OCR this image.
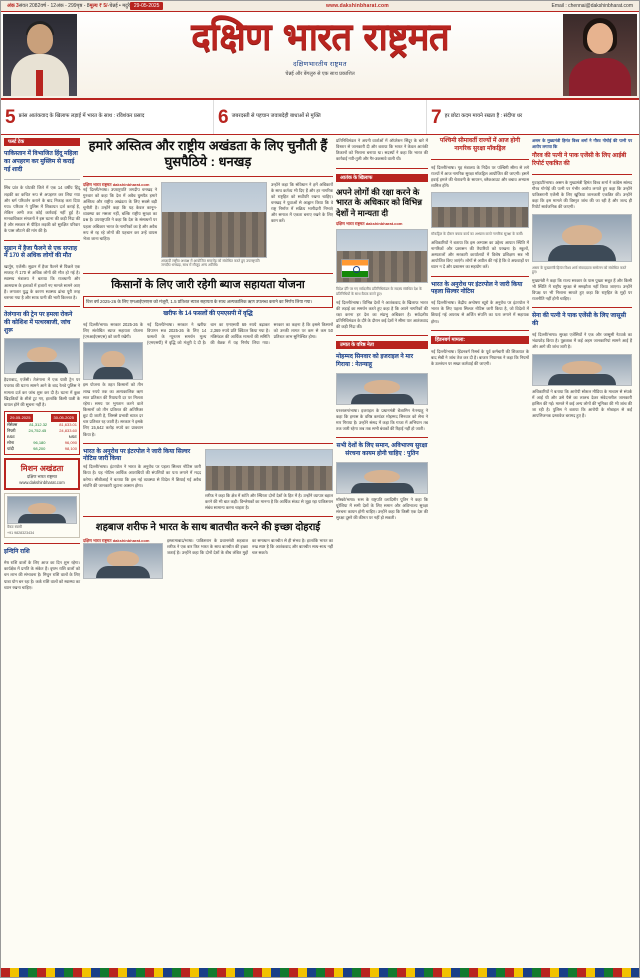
अंक 3 संवत 2082 वर्ष - 12 अंक - 299 पृष्ठ - 8 मूल्य ₹ 5/- चेन्नई • मदुरै 29-05-2025	www.dakshinbharat.com	Email : chennai@dakshinbharat.com
दक्षिण भारत राष्ट्रमत
दक्षिणभारतीय राष्ट्रमत
चेन्नई और बेंगलुरु से एक साथ प्रकाशित
5 फ्रांस आतंकवाद के खिलाफ लड़ाई में भारत के साथ : रविशंकर प्रसाद	6 जबरदस्ती से पहचान जवाबदेही बाधाओं से मुक्ति	7 हर छोटा कदम मायने रखता है : संदीपा धर
फर्स्ट टेक
पाकिस्तान में विभाजित हिंदू महिला का अपहरण कर मुस्लिम से कराई गई शादी
सिंध प्रांत के घोटकी जिले में एक 14 वर्षीय हिंदू लड़की का कथित रूप से अपहरण कर लिया गया और धर्म परिवर्तन कराने के बाद निकाह करा दिया गया। परिवार ने पुलिस में शिकायत दर्ज कराई है, लेकिन अभी तक कोई कार्रवाई नहीं हुई है। मानवाधिकार संगठनों ने इस घटना की कड़ी निंदा की है और सरकार से पीड़ित लड़की को सुरक्षित परिवार के पास लौटाने की मांग की है।
सूडान में हैजा फैलने से एक सप्ताह में 170 से अधिक लोगों की मौत
खार्तूम, एजेंसी। सूडान में हैजा फैलने से पिछले एक सप्ताह में 170 से अधिक लोगों की मौत हो गई है। स्वास्थ्य मंत्रालय ने बताया कि राजधानी और आसपास के इलाकों में हजारों नए मामले सामने आए हैं। लगातार युद्ध के कारण स्वास्थ्य ढांचा पूरी तरह चरमरा गया है और साफ पानी की भारी किल्लत है।
तेलंगाना की ट्रेन पर हमला रोकने की कोशिश में पत्थरबाजी, जांच शुरू
हैदराबाद, एजेंसी। तेलंगाना में एक यात्री ट्रेन पर पथराव की घटना सामने आने के बाद रेलवे पुलिस ने मामला दर्ज कर जांच शुरू कर दी है। घटना में कुछ खिड़कियों के शीशे टूट गए, हालांकि किसी यात्री के घायल होने की सूचना नहीं है।
29-05-2025	30-05-2025
सेंसेक्स	81,312.32	81,633.01
निफ्टी	24,752.45	24,833.60
BSE	NSE
सोना	96,180	96,090
चांदी	98,200	98,100
मिशन अखंडता
दक्षिण भारत राष्ट्रमत
www.dakshinbharat.com
वेंकट स्वामी
+91 9828323434
इन्दिनि राशि
मेष राशि वालों के लिए आज का दिन शुभ रहेगा। कार्यक्षेत्र में प्रगति के संकेत हैं। वृषभ राशि वालों को धन लाभ की संभावना है। मिथुन राशि वालों के लिए यात्रा योग बन रहा है। कर्क राशि वालों को स्वास्थ्य का ध्यान रखना चाहिए।
हमारे अस्तित्व और राष्ट्रीय अखंडता के लिए चुनौती हैं घुसपैठिये : धनखड़
दक्षिण भारत राष्ट्रमत dakshinbharat.com
नई दिल्ली/भाषा। उपराष्ट्रपति जगदीप धनखड़ ने गुरुवार को कहा कि देश में अवैध घुसपैठ हमारे अस्तित्व और राष्ट्रीय अखंडता के लिए सबसे बड़ी चुनौती है। उन्होंने कहा कि यह केवल कानून-व्यवस्था का मसला नहीं, बल्कि राष्ट्रीय सुरक्षा का प्रश्न है। उपराष्ट्रपति ने कहा कि देश के संसाधनों पर पहला अधिकार भारत के नागरिकों का है और अवैध रूप से रह रहे लोगों की पहचान कर उन्हें वापस भेजा जाना चाहिए।
आज़ादी राष्ट्रीय अध्यक्ष में आयोजित समारोह को संबोधित करते हुए उपराष्ट्रपति जगदीप धनखड़, साथ में मौजूद अन्य अतिथि।
उन्होंने कहा कि संविधान ने हमें अधिकारों के साथ कर्तव्य भी दिए हैं और हर नागरिक को राष्ट्रहित को सर्वोपरि रखना चाहिए। धनखड़ ने युवाओं से आह्वान किया कि वे राष्ट्र निर्माण में सक्रिय भागीदारी निभाएं और समाज में एकता बनाए रखने के लिए काम करें।
किसानों के लिए जारी रहेगी ब्याज सहायता योजना
वित्त वर्ष 2025-26 के लिए एमआईएसएस को मंजूरी, 1.5 प्रतिशत ब्याज सहायता के साथ अल्पकालिक ऋण उपलब्ध कराने का निर्णय लिया गया।
खरीफ के 14 फसलों की एमएसपी में वृद्धि
नई दिल्ली/भाषा। सरकार 2025-26 के लिए संशोधित ब्याज सहायता योजना (एमआईएसएस) को जारी रखेगी।
इस योजना के तहत किसानों को तीन लाख रुपये तक का अल्पकालिक ऋण सात प्रतिशत की रियायती दर पर मिलता रहेगा। समय पर भुगतान करने वाले किसानों को तीन प्रतिशत की अतिरिक्त छूट दी जाती है, जिससे प्रभावी ब्याज दर चार प्रतिशत रह जाती है। सरकार ने इसके लिए 15,642 करोड़ रुपये का प्रावधान किया है।
नई दिल्ली/भाषा। सरकार ने खरीफ विपणन सत्र 2025-26 के लिए 14 फसलों के न्यूनतम समर्थन मूल्य (एमएसपी) में वृद्धि को मंजूरी दे दी है। धान का एमएसपी 69 रुपये बढ़ाकर 2,369 रुपये प्रति क्विंटल किया गया है। मंत्रिमंडल की आर्थिक मामलों की समिति की बैठक में यह निर्णय लिया गया। सरकार का कहना है कि इससे किसानों को उनकी लागत पर कम से कम 50 प्रतिशत लाभ सुनिश्चित होगा।
भारत के अनुरोध पर इंटरपोल ने जारी किया सिल्वर नोटिस जारी किया
नई दिल्ली/भाषा। इंटरपोल ने भारत के अनुरोध पर पहला सिल्वर नोटिस जारी किया है। यह नोटिस आर्थिक अपराधियों की संपत्तियों का पता लगाने में मदद करेगा। सीबीआई ने बताया कि इस नई व्यवस्था से विदेश में छिपाई गई अवैध संपत्ति की जानकारी जुटाना आसान होगा।
शरीफ ने कहा कि क्षेत्र में शांति और स्थिरता दोनों देशों के हित में है। उन्होंने व्यापार बहाल करने की भी बात कही। विश्लेषकों का मानना है कि आर्थिक संकट से जूझ रहा पाकिस्तान संबंध सामान्य करना चाहता है।
शहबाज शरीफ ने भारत के साथ बातचीत करने की इच्छा दोहराई
दक्षिण भारत राष्ट्रमत dakshinbharat.com	इस्लामाबाद/भाषा। पाकिस्तान के प्रधानमंत्री शहबाज शरीफ ने एक बार फिर भारत के साथ बातचीत की इच्छा जताई है। उन्होंने कहा कि दोनों देशों के बीच लंबित मुद्दों का समाधान बातचीत से ही संभव है। हालांकि भारत का रुख स्पष्ट है कि आतंकवाद और बातचीत साथ-साथ नहीं चल सकते।
प्रतिनिधिमंडल ने अपनी वार्ताओं में ऑपरेशन सिंदूर के बारे में विस्तार से जानकारी दी और बताया कि भारत ने केवल आतंकी ठिकानों को निशाना बनाया था। सदस्यों ने कहा कि भारत की कार्रवाई नपी-तुली और गैर-उकसावे वाली थी।
आतंक के खिलाफ
अपने लोगों की रक्षा करने के भारत के अधिकार को विभिन्न देशों ने मान्यता दी
दक्षिण भारत राष्ट्रमत dakshinbharat.com
विदेश दौरे पर गए सर्वदलीय प्रतिनिधिमंडल के सदस्य संबंधित देश के प्रतिनिधियों के साथ बैठक करते हुए।
नई दिल्ली/भाषा। विभिन्न देशों ने आतंकवाद के खिलाफ भारत की लड़ाई का समर्थन करते हुए कहा है कि अपने नागरिकों की रक्षा करना हर देश का संप्रभु अधिकार है। सर्वदलीय प्रतिनिधिमंडल के दौरे के दौरान कई देशों ने सीमा पार आतंकवाद की कड़ी निंदा की।
उमात के वरिष्ठ नेता
मोहम्मद सिनवार को इजराइल ने मार गिराया : नेतन्याहू
यरुशलम/भाषा। इजराइल के प्रधानमंत्री बेंजामिन नेतन्याहू ने कहा कि हमास के वरिष्ठ कमांडर मोहम्मद सिनवार को सेना ने मार गिराया है। उन्होंने संसद में कहा कि गाजा में अभियान तब तक जारी रहेगा जब तक सभी बंधकों की रिहाई नहीं हो जाती।
सभी देशों के लिए समान, अविभाज्य सुरक्षा संरचना कायम होनी चाहिए : पुतिन
मॉस्को/भाषा। रूस के राष्ट्रपति व्लादिमीर पुतिन ने कहा कि यूरेशिया में सभी देशों के लिए समान और अविभाज्य सुरक्षा संरचना कायम होनी चाहिए। उन्होंने कहा कि किसी एक देश की सुरक्षा दूसरे की कीमत पर नहीं हो सकती।
पश्चिमी सीमावर्ती राज्यों में आज होगी नागरिक सुरक्षा मॉकड्रिल
नई दिल्ली/भाषा। गृह मंत्रालय के निर्देश पर पश्चिमी सीमा से लगे राज्यों में आज नागरिक सुरक्षा मॉकड्रिल आयोजित की जाएगी। इसमें हवाई हमले की चेतावनी के सायरन, ब्लैकआउट और बचाव अभ्यास शामिल होंगे।
मॉकड्रिल के दौरान बचाव कार्य का अभ्यास करते नागरिक सुरक्षा के कर्मी।
अधिकारियों ने बताया कि इस अभ्यास का उद्देश्य आपात स्थिति में नागरिकों और प्रशासन की तैयारियों को परखना है। स्कूलों, अस्पतालों और सरकारी कार्यालयों में विशेष प्रशिक्षण सत्र भी आयोजित किए जाएंगे। लोगों से अपील की गई है कि वे अफवाहों पर ध्यान न दें और प्रशासन का सहयोग करें।
भारत के अनुरोध पर इंटरपोल ने जारी किया पहला सिल्वर नोटिस
नई दिल्ली/भाषा। केंद्रीय अन्वेषण ब्यूरो के अनुरोध पर इंटरपोल ने भारत के लिए पहला सिल्वर नोटिस जारी किया है, जो विदेशों में छिपाई गई अपराध से अर्जित संपत्ति का पता लगाने में सहायक होगा।
हिंडनबर्ग मामला:
नई दिल्ली/भाषा। हिंडनबर्ग रिसर्च के पूर्व कर्मचारी की शिकायत के बाद सेबी ने जांच तेज कर दी है। बाजार नियामक ने कहा कि नियमों के उल्लंघन पर सख्त कार्रवाई की जाएगी।
असम के मुख्यमंत्री हिमंत विश्व शर्मा ने गौरव गोगोई की पत्नी पर आरोप लगाया कि
गौरव की पत्नी ने पाक एजेंसी के लिए आईबी रिपोर्ट एकत्रित की
गुवाहाटी/भाषा। असम के मुख्यमंत्री हिमंत विश्व शर्मा ने कांग्रेस सांसद गौरव गोगोई की पत्नी पर गंभीर आरोप लगाते हुए कहा कि उन्होंने पाकिस्तानी एजेंसी के लिए खुफिया जानकारी एकत्रित की। उन्होंने कहा कि इस मामले की विस्तृत जांच की जा रही है और जल्द ही रिपोर्ट सार्वजनिक की जाएगी।
असम के मुख्यमंत्री हिमंत विश्व शर्मा संवाददाता सम्मेलन को संबोधित करते हुए।
मुख्यमंत्री ने कहा कि राज्य सरकार के पास पुख्ता सबूत हैं और किसी भी स्थिति में राष्ट्रीय सुरक्षा से समझौता नहीं किया जाएगा। उन्होंने विपक्ष पर भी निशाना साधते हुए कहा कि राष्ट्रहित के मुद्दों पर राजनीति नहीं होनी चाहिए।
सेना की पत्नी ने पाक एजेंसी के लिए जासूसी की
नई दिल्ली/भाषा। सुरक्षा एजेंसियों ने एक और जासूसी नेटवर्क का भंडाफोड़ किया है। पूछताछ में कई अहम जानकारियां सामने आई हैं और आगे की जांच जारी है।
अधिकारियों ने बताया कि आरोपी सोशल मीडिया के माध्यम से संपर्क में आई थी और उसे पैसे का लालच देकर संवेदनशील जानकारी हासिल की गई। मामले में कई अन्य लोगों की भूमिका की भी जांच की जा रही है। पुलिस ने बताया कि आरोपी के मोबाइल से कई आपत्तिजनक दस्तावेज बरामद हुए हैं।
